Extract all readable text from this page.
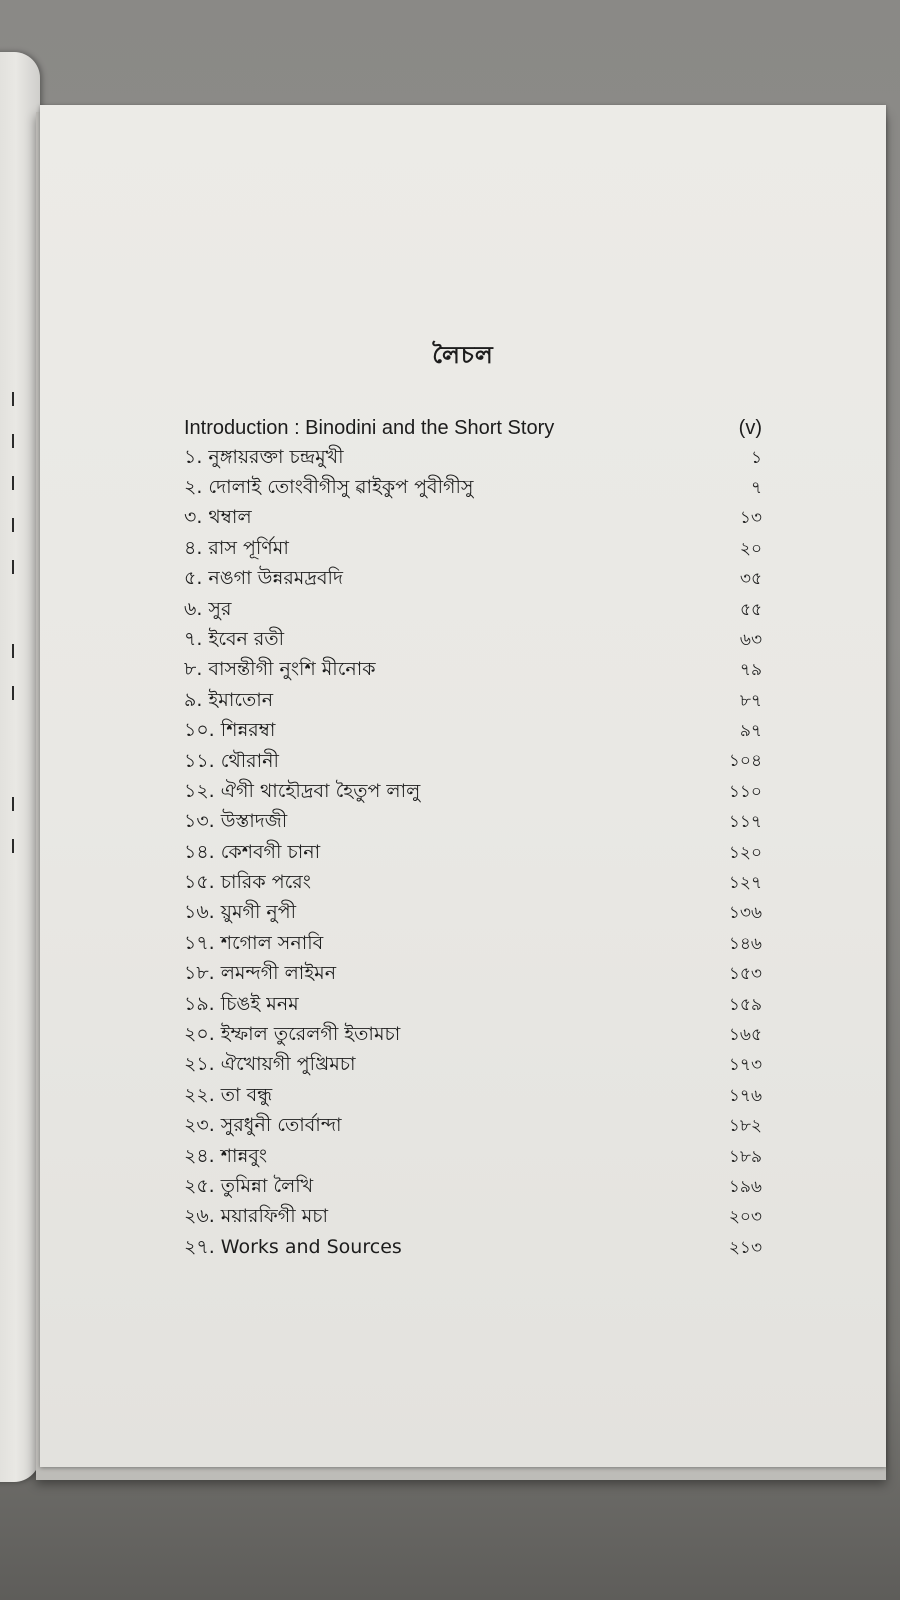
লৈচল
Introduction : Binodini and the Short Story	(v)
১. নুঙ্গায়রক্তা চন্দ্রমুখী	১
২. দোলাই তোংবীগীসু ৱাইকুপ পুবীগীসু	৭
৩. থম্বাল	১৩
৪. রাস পূর্ণিমা	২০
৫. নঙগা উন্নরমদ্রবদি	৩৫
৬. সুর	৫৫
৭. ইবেন রতী	৬৩
৮. বাসন্তীগী নুংশি মীনোক	৭৯
৯. ইমাতোন	৮৭
১০. শিন্নরম্বা	৯৭
১১. থৌরানী	১০৪
১২. ঐগী থাহৌদ্রবা হৈতুপ লালু	১১০
১৩. উস্তাদজী	১১৭
১৪. কেশবগী চানা	১২০
১৫. চারিক পরেং	১২৭
১৬. য়ুমগী নুপী	১৩৬
১৭. শগোল সনাবি	১৪৬
১৮. লমন্দগী লাইমন	১৫৩
১৯. চিঙই মনম	১৫৯
২০. ইম্ফাল তুরেলগী ইতামচা	১৬৫
২১. ঐখোয়গী পুখ্রিমচা	১৭৩
২২. তা বন্ধু	১৭৬
২৩. সুরধুনী তোর্বান্দা	১৮২
২৪. শান্নবুং	১৮৯
২৫. তুমিন্না লৈখি	১৯৬
২৬. ময়ারফিগী মচা	২০৩
২৭. Works and Sources	২১৩
